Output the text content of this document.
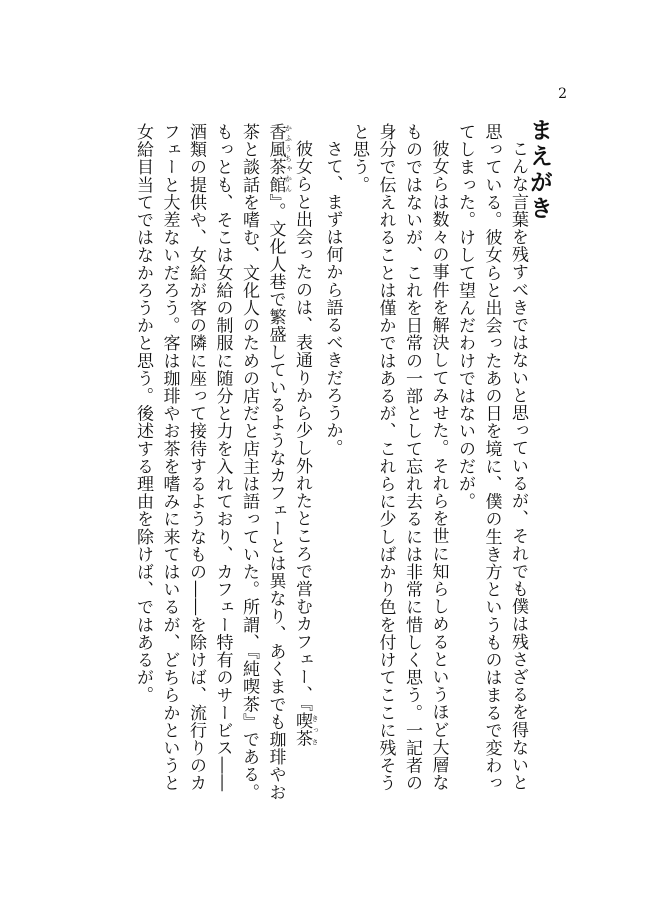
2
まえがき

こんな言葉を残すべきではないと思っているが、それでも僕は残さざるを得ないと思っている。彼女らと出会ったあの日を境に、僕の生き方というものはまるで変わってしまった。けして望んだわけではないのだが。

彼女らは数々の事件を解決してみせた。それらを世に知らしめるというほど大層なものではないが、これを日常の一部として忘れ去るには非常に惜しく思う。一記者の身分で伝えれることは僅かではあるが、これらに少しばかり色を付けてここに残そうと思う。

さて、まずは何から語るべきだろうか。

彼女らと出会ったのは、表通りから少し外れたところで営むカフェー、『喫茶 きっさ　香風茶館 かふうちゃかん』。文化人巷で繁盛しているようなカフェーとは異なり、あくまでも珈琲やお茶と談話を嗜む、文化人のための店だと店主は語っていた。所謂、『純喫茶』である。もっとも、そこは女給の制服に随分と力を入れており、カフェー特有のサービス――酒類の提供や、女給が客の隣に座って接待するようなもの――を除けば、流行りのカフェーと大差ないだろう。客は珈琲やお茶を嗜みに来てはいるが、どちらかというと女給目当てではなかろうかと思う。後述する理由を除けば、ではあるが。
